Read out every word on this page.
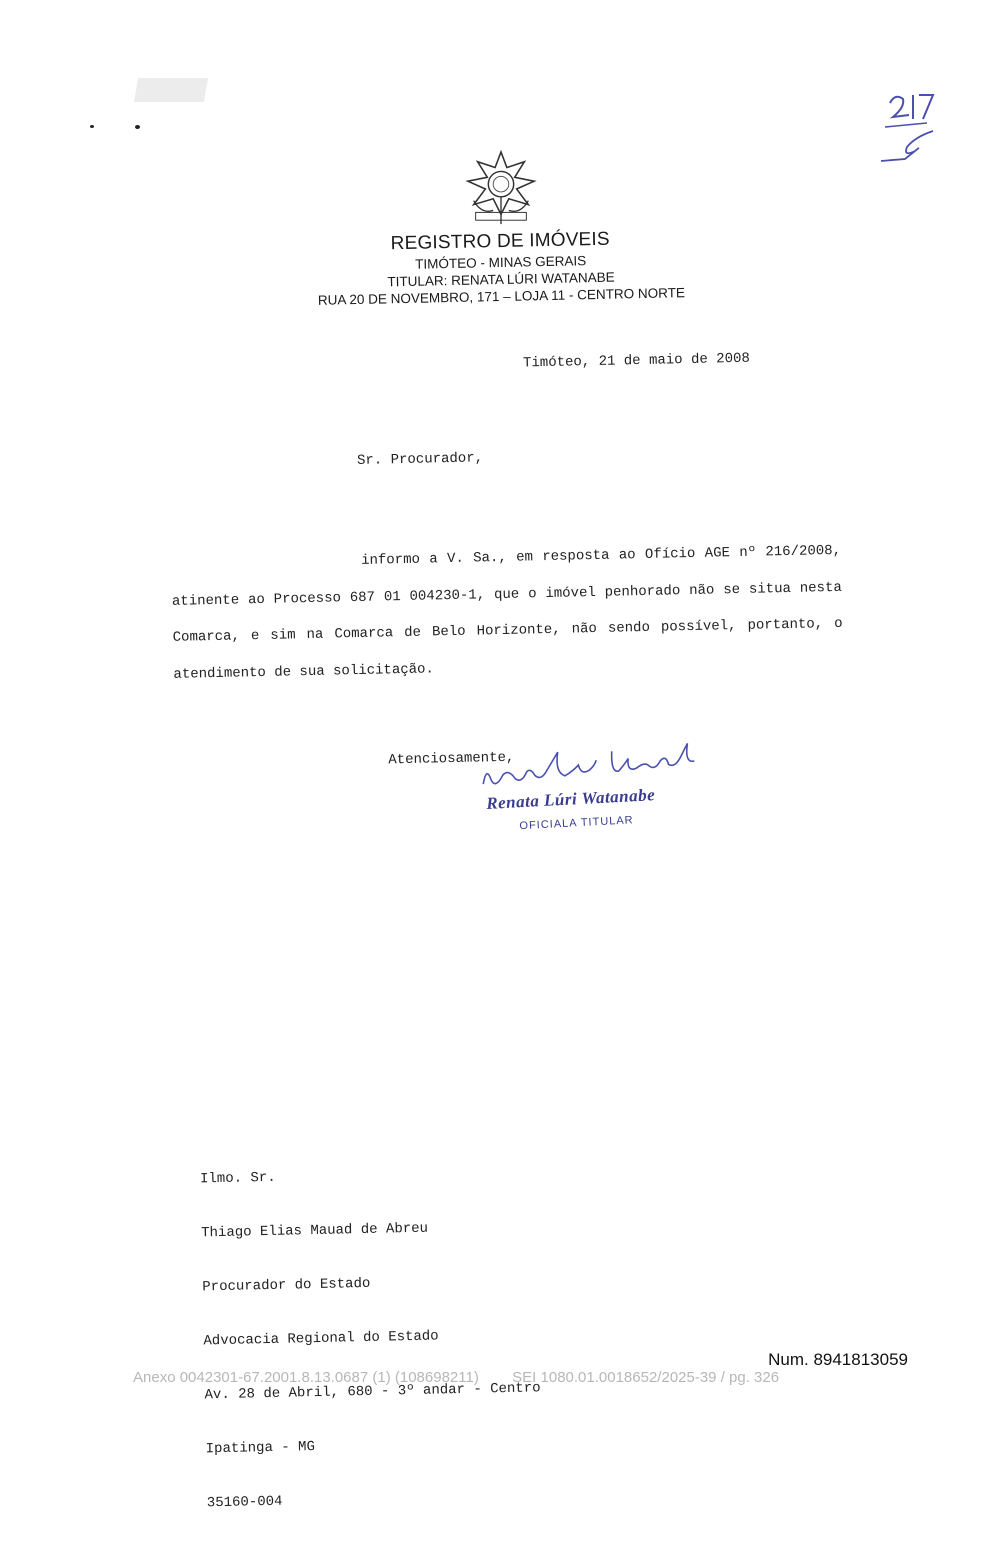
REGISTRO DE IMÓVEIS
TIMÓTEO - MINAS GERAIS
TITULAR: RENATA LÚRI WATANABE
RUA 20 DE NOVEMBRO, 171 – LOJA 11 - CENTRO NORTE
Timóteo, 21 de maio de 2008
Sr. Procurador,
informo a V. Sa., em resposta ao Ofício AGE nº 216/2008, atinente ao Processo 687 01 004230-1, que o imóvel penhorado não se situa nesta Comarca, e sim na Comarca de Belo Horizonte, não sendo possível, portanto, o atendimento de sua solicitação.
Atenciosamente,

Ilmo. Sr.

Thiago Elias Mauad de Abreu

Procurador do Estado

Advocacia Regional do Estado

Av. 28 de Abril, 680 - 3º andar - Centro

Ipatinga - MG

35160-004

Renata Lúri Watanabe
OFICIALA TITULAR
Num. 8941813059
Anexo 0042301-67.2001.8.13.0687 (1) (108698211)        SEI 1080.01.0018652/2025-39 / pg. 326
